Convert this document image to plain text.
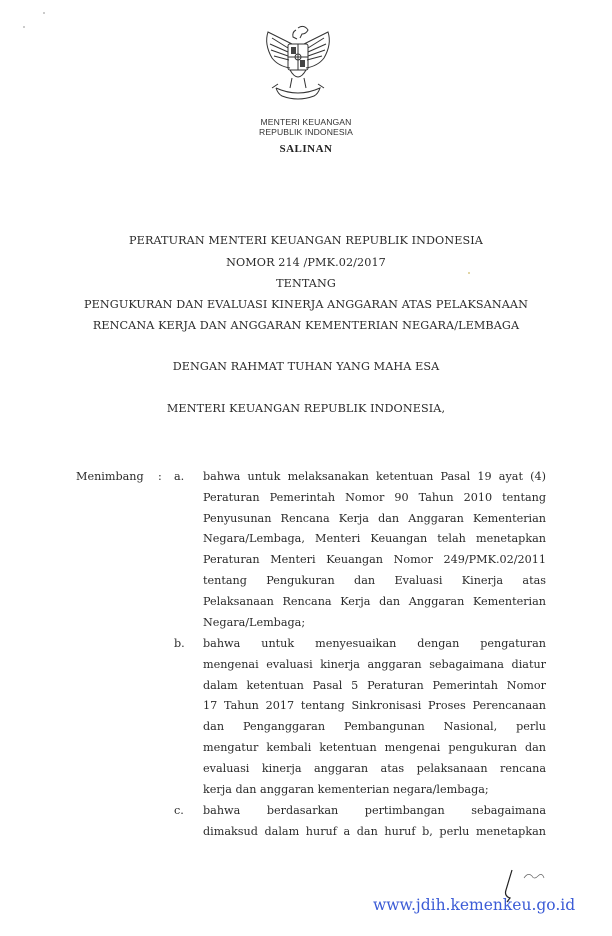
MENTERI KEUANGAN
REPUBLIK INDONESIA
SALINAN
PERATURAN MENTERI KEUANGAN REPUBLIK INDONESIA
NOMOR 214 /PMK.02/2017
TENTANG
PENGUKURAN DAN EVALUASI KINERJA ANGGARAN ATAS PELAKSANAAN
RENCANA KERJA DAN ANGGARAN KEMENTERIAN NEGARA/LEMBAGA
DENGAN RAHMAT TUHAN YANG MAHA ESA
MENTERI KEUANGAN REPUBLIK INDONESIA,
Menimbang : a. bahwa untuk melaksanakan ketentuan Pasal 19 ayat (4)
Peraturan Pemerintah Nomor 90 Tahun 2010 tentang
Penyusunan Rencana Kerja dan Anggaran Kementerian
Negara/Lembaga, Menteri Keuangan telah menetapkan
Peraturan Menteri Keuangan Nomor 249/PMK.02/2011
tentang Pengukuran dan Evaluasi Kinerja atas
Pelaksanaan Rencana Kerja dan Anggaran Kementerian
Negara/Lembaga;
b. bahwa untuk menyesuaikan dengan pengaturan
mengenai evaluasi kinerja anggaran sebagaimana diatur
dalam ketentuan Pasal 5 Peraturan Pemerintah Nomor
17 Tahun 2017 tentang Sinkronisasi Proses Perencanaan
dan Penganggaran Pembangunan Nasional, perlu
mengatur kembali ketentuan mengenai pengukuran dan
evaluasi kinerja anggaran atas pelaksanaan rencana
kerja dan anggaran kementerian negara/lembaga;
c. bahwa berdasarkan pertimbangan sebagaimana
dimaksud dalam huruf a dan huruf b, perlu menetapkan
www.jdih.kemenkeu.go.id
